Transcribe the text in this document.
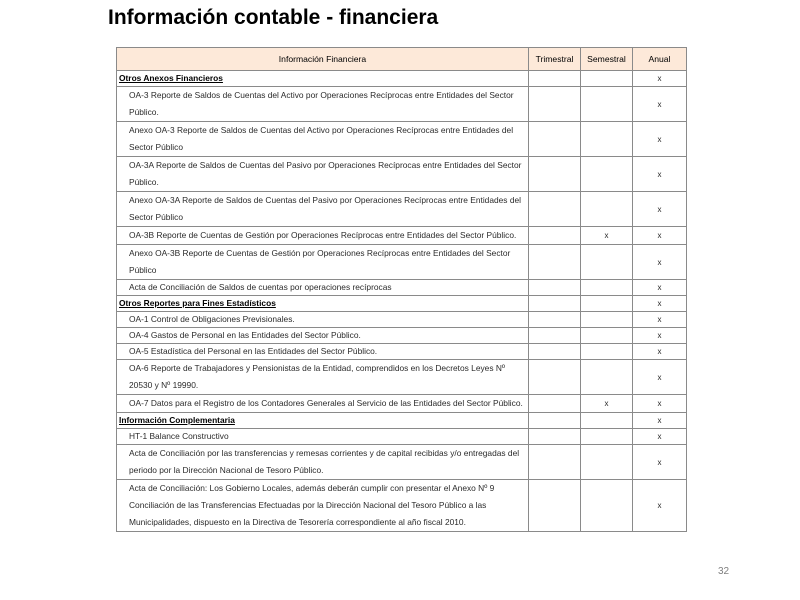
Información contable - financiera
Información Financiera	Trimestral	Semestral	Anual
Otros Anexos Financieros			x
OA-3 Reporte de Saldos de Cuentas del Activo por Operaciones Recíprocas entre Entidades del Sector Público.			x
Anexo OA-3 Reporte de Saldos de Cuentas del Activo por Operaciones Recíprocas entre Entidades del Sector Público			x
OA-3A Reporte de Saldos de Cuentas del Pasivo por Operaciones Recíprocas entre Entidades del Sector Público.			x
Anexo OA-3A Reporte de Saldos de Cuentas del Pasivo por Operaciones Recíprocas entre Entidades del Sector Público			x
OA-3B Reporte de Cuentas de Gestión por Operaciones Recíprocas entre Entidades del Sector Público.		x	x
Anexo OA-3B Reporte de Cuentas de Gestión por Operaciones Recíprocas entre Entidades del Sector Público			x
Acta de Conciliación de Saldos de cuentas por operaciones recíprocas			x
Otros Reportes para Fines Estadísticos			x
OA-1 Control de Obligaciones Previsionales.			x
OA-4 Gastos de Personal en las Entidades del Sector Público.			x
OA-5 Estadística del Personal en las Entidades del Sector Público.			x
OA-6 Reporte de Trabajadores y Pensionistas de la Entidad, comprendidos en los Decretos Leyes Nº 20530 y Nº 19990.			x
OA-7 Datos para el Registro de los Contadores Generales al Servicio de las Entidades del Sector Público.		x	x
Información Complementaria			x
HT-1 Balance Constructivo			x
Acta de Conciliación por las transferencias y remesas corrientes y de capital recibidas y/o entregadas del periodo por la Dirección Nacional de Tesoro Público.			x
Acta de Conciliación: Los Gobierno Locales, además deberán cumplir con presentar el Anexo Nº 9 Conciliación de las Transferencias Efectuadas por la Dirección Nacional del Tesoro Público a las Municipalidades, dispuesto en la Directiva de Tesorería correspondiente al año fiscal 2010.			x
32
